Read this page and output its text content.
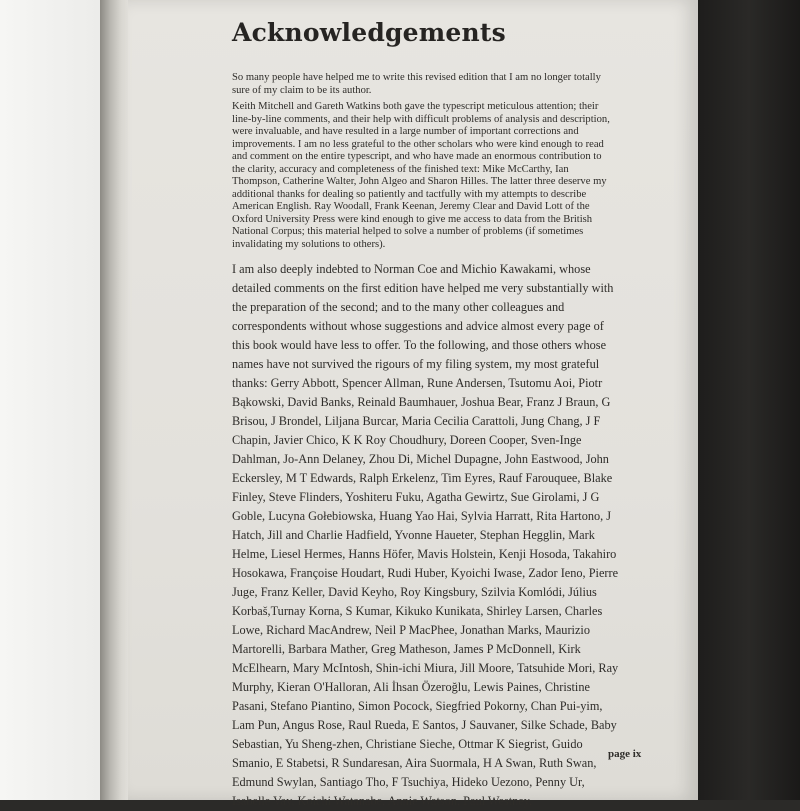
Acknowledgements

So many people have helped me to write this revised edition that I am no longer totally sure of my claim to be its author.

Keith Mitchell and Gareth Watkins both gave the typescript meticulous attention; their line-by-line comments, and their help with difficult problems of analysis and description, were invaluable, and have resulted in a large number of important corrections and improvements. I am no less grateful to the other scholars who were kind enough to read and comment on the entire typescript, and who have made an enormous contribution to the clarity, accuracy and completeness of the finished text: Mike McCarthy, Ian Thompson, Catherine Walter, John Algeo and Sharon Hilles. The latter three deserve my additional thanks for dealing so patiently and tactfully with my attempts to describe American English. Ray Woodall, Frank Keenan, Jeremy Clear and David Lott of the Oxford University Press were kind enough to give me access to data from the British National Corpus; this material helped to solve a number of problems (if sometimes invalidating my solutions to others).

I am also deeply indebted to Norman Coe and Michio Kawakami, whose detailed comments on the first edition have helped me very substantially with the preparation of the second; and to the many other colleagues and correspondents without whose suggestions and advice almost every page of this book would have less to offer. To the following, and those others whose names have not survived the rigours of my filing system, my most grateful thanks: Gerry Abbott, Spencer Allman, Rune Andersen, Tsutomu Aoi, Piotr Bąkowski, David Banks, Reinald Baumhauer, Joshua Bear, Franz J Braun, G Brisou, J Brondel, Liljana Burcar, Maria Cecilia Carattoli, Jung Chang, J F Chapin, Javier Chico, K K Roy Choudhury, Doreen Cooper, Sven-Inge Dahlman, Jo-Ann Delaney, Zhou Di, Michel Dupagne, John Eastwood, John Eckersley, M T Edwards, Ralph Erkelenz, Tim Eyres, Rauf Farouquee, Blake Finley, Steve Flinders, Yoshiteru Fuku, Agatha Gewirtz, Sue Girolami, J G Goble, Lucyna Gołebiowska, Huang Yao Hai, Sylvia Harratt, Rita Hartono, J Hatch, Jill and Charlie Hadfield, Yvonne Haueter, Stephan Hegglin, Mark Helme, Liesel Hermes, Hanns Höfer, Mavis Holstein, Kenji Hosoda, Takahiro Hosokawa, Françoise Houdart, Rudi Huber, Kyoichi Iwase, Zador Ieno, Pierre Juge, Franz Keller, David Keyho, Roy Kingsbury, Szilvia Komlódi, Július Korbaš,Turnay Korna, S Kumar, Kikuko Kunikata, Shirley Larsen, Charles Lowe, Richard MacAndrew, Neil P MacPhee, Jonathan Marks, Maurizio Martorelli, Barbara Mather, Greg Matheson, James P McDonnell, Kirk McElhearn, Mary McIntosh, Shin-ichi Miura, Jill Moore, Tatsuhide Mori, Ray Murphy, Kieran O'Halloran, Ali İhsan Özeroğlu, Lewis Paines, Christine Pasani, Stefano Piantino, Simon Pocock, Siegfried Pokorny, Chan Pui-yim, Lam Pun, Angus Rose, Raul Rueda, E Santos, J Sauvaner, Silke Schade, Baby Sebastian, Yu Sheng-zhen, Christiane Sieche, Ottmar K Siegrist, Guido Smanio, E Stabetsi, R Sundaresan, Aira Suormala, H A Swan, Ruth Swan, Edmund Swylan, Santiago Tho, F Tsuchiya, Hideko Uezono, Penny Ur, Isabelle Vay, Koichi Watanabe, Annie Watson, Paul Westney,

page ix
